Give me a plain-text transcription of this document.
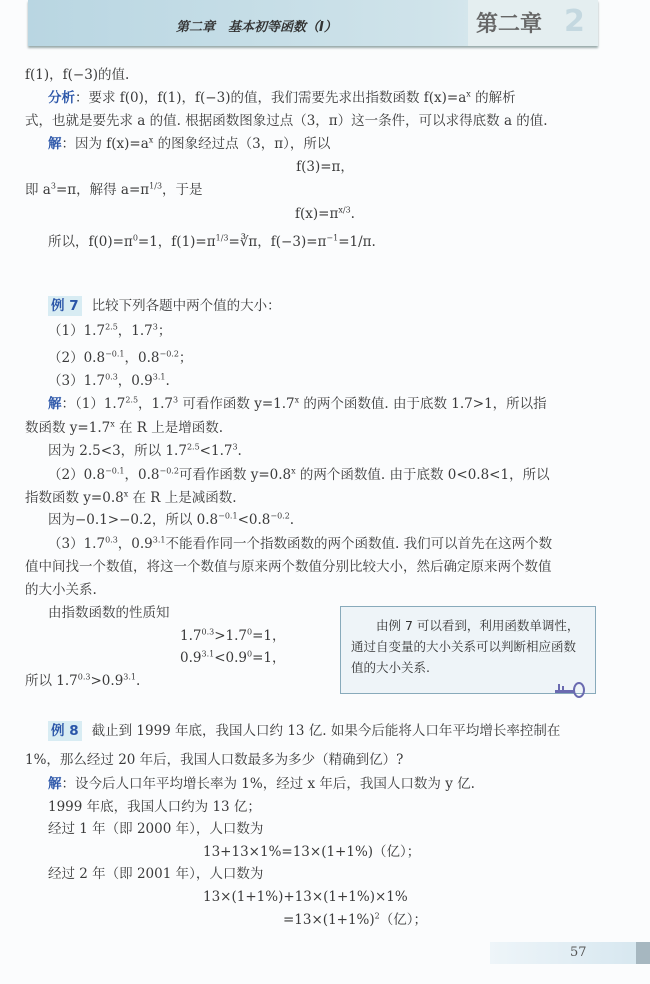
第二章　基本初等函数（Ⅰ）	第二章 2
f(1)，f(−3)的值.
分析：要求 f(0)，f(1)，f(−3)的值，我们需要先求出指数函数 $f(x)=a^x$ 的解析
式，也就是要先求 a 的值. 根据函数图象过点（3，π）这一条件，可以求得底数 a 的值.
解：因为 $f(x)=a^x$ 的图象经过点（3，π），所以
f(3)=π，
即 $a^3=\pi$，解得 $a=\pi^{1/3}$，于是
$f(x)=\pi^{x/3}$.
所以，$f(0)=\pi^0=1$，$f(1)=\pi^{1/3}=∛\pi$，$f(-3)=\pi^{-1}=1/\pi$.
例 7 比较下列各题中两个值的大小：
$(1)1.7^{2.5}$，$1.7^3$；
$(2)0.8^{-0.1}$，$0.8^{-0.2}$；
$(3)1.7^{0.3}$，$0.9^{3.1}$.
解：$(1)1.7^{2.5}$，$1.7^3$ 可看作函数 $y=1.7^x$ 的两个函数值. 由于底数 1.7>1，所以指
数函数 $y=1.7^x$ 在 R 上是增函数.
因为 2.5<3，所以 $1.7^{2.5}<1.7^3$.
$(2)0.8^{-0.1}$，$0.8^{-0.2}$可看作函数 $y=0.8^x$ 的两个函数值. 由于底数 0<0.8<1，所以
指数函数 $y=0.8^x$ 在 R 上是减函数.
因为−0.1>−0.2，所以 $0.8^{-0.1}<0.8^{-0.2}$.
$(3)1.7^{0.3}$，$0.9^{3.1}$不能看作同一个指数函数的两个函数值. 我们可以首先在这两个数
值中间找一个数值，将这一个数值与原来两个数值分别比较大小，然后确定原来两个数值
的大小关系.
由指数函数的性质知
$1.7^{0.3}>1.7^0=1$，
$0.9^{3.1}<0.9^0=1$，
所以 $1.7^{0.3}>0.9^{3.1}$.
　　由例 7 可以看到，利用函数单调性，通过自变量的大小关系可以判断相应函数值的大小关系.
例 8 截止到 1999 年底，我国人口约 13 亿. 如果今后能将人口年平均增长率控制在
1%，那么经过 20 年后，我国人口数最多为多少（精确到亿）?
解：设今后人口年平均增长率为 1%，经过 x 年后，我国人口数为 y 亿.
1999 年底，我国人口约为 13 亿；
经过 1 年（即 2000 年），人口数为
13+13×1%=13×(1+1%)（亿）；
经过 2 年（即 2001 年），人口数为
13×(1+1%)+13×(1+1%)×1%
$=13\times(1+1\%)^2$（亿）；
57
